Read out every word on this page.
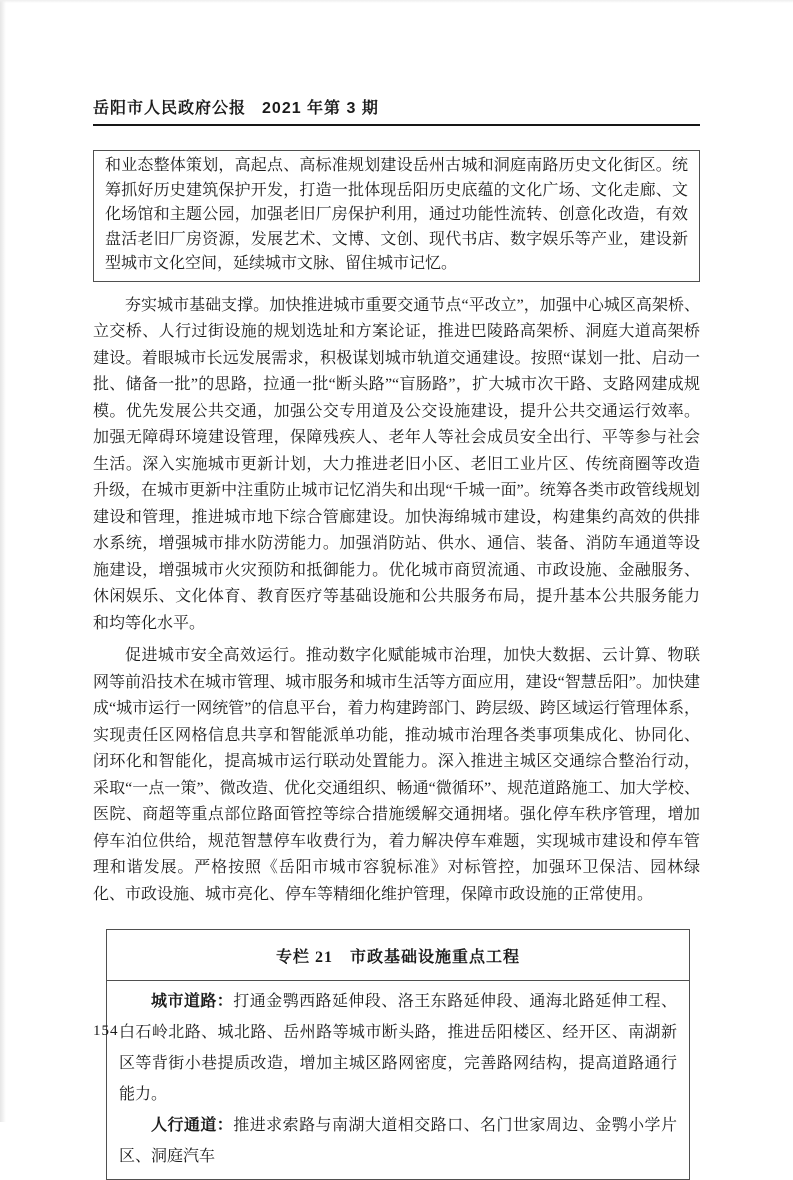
岳阳市人民政府公报 2021 年第 3 期
和业态整体策划，高起点、高标准规划建设岳州古城和洞庭南路历史文化街区。统筹抓好历史建筑保护开发，打造一批体现岳阳历史底蕴的文化广场、文化走廊、文化场馆和主题公园，加强老旧厂房保护利用，通过功能性流转、创意化改造，有效盘活老旧厂房资源，发展艺术、文博、文创、现代书店、数字娱乐等产业，建设新型城市文化空间，延续城市文脉、留住城市记忆。

夯实城市基础支撑。加快推进城市重要交通节点“平改立”，加强中心城区高架桥、立交桥、人行过街设施的规划选址和方案论证，推进巴陵路高架桥、洞庭大道高架桥建设。着眼城市长远发展需求，积极谋划城市轨道交通建设。按照“谋划一批、启动一批、储备一批”的思路，拉通一批“断头路”“盲肠路”，扩大城市次干路、支路网建成规模。优先发展公共交通，加强公交专用道及公交设施建设，提升公共交通运行效率。加强无障碍环境建设管理，保障残疾人、老年人等社会成员安全出行、平等参与社会生活。深入实施城市更新计划，大力推进老旧小区、老旧工业片区、传统商圈等改造升级，在城市更新中注重防止城市记忆消失和出现“千城一面”。统筹各类市政管线规划建设和管理，推进城市地下综合管廊建设。加快海绵城市建设，构建集约高效的供排水系统，增强城市排水防涝能力。加强消防站、供水、通信、装备、消防车通道等设施建设，增强城市火灾预防和抵御能力。优化城市商贸流通、市政设施、金融服务、休闲娱乐、文化体育、教育医疗等基础设施和公共服务布局，提升基本公共服务能力和均等化水平。

促进城市安全高效运行。推动数字化赋能城市治理，加快大数据、云计算、物联网等前沿技术在城市管理、城市服务和城市生活等方面应用，建设“智慧岳阳”。加快建成“城市运行一网统管”的信息平台，着力构建跨部门、跨层级、跨区域运行管理体系，实现责任区网格信息共享和智能派单功能，推动城市治理各类事项集成化、协同化、闭环化和智能化，提高城市运行联动处置能力。深入推进主城区交通综合整治行动，采取“一点一策”、微改造、优化交通组织、畅通“微循环”、规范道路施工、加大学校、医院、商超等重点部位路面管控等综合措施缓解交通拥堵。强化停车秩序管理，增加停车泊位供给，规范智慧停车收费行为，着力解决停车难题，实现城市建设和停车管理和谐发展。严格按照《岳阳市城市容貌标准》对标管控，加强环卫保洁、园林绿化、市政设施、城市亮化、停车等精细化维护管理，保障市政设施的正常使用。

专栏 21　市政基础设施重点工程
城市道路：打通金鹗西路延伸段、洛王东路延伸段、通海北路延伸工程、白石岭北路、城北路、岳州路等城市断头路，推进岳阳楼区、经开区、南湖新区等背街小巷提质改造，增加主城区路网密度，完善路网结构，提高道路通行能力。
人行通道：推进求索路与南湖大道相交路口、名门世家周边、金鹗小学片区、洞庭汽车
154
